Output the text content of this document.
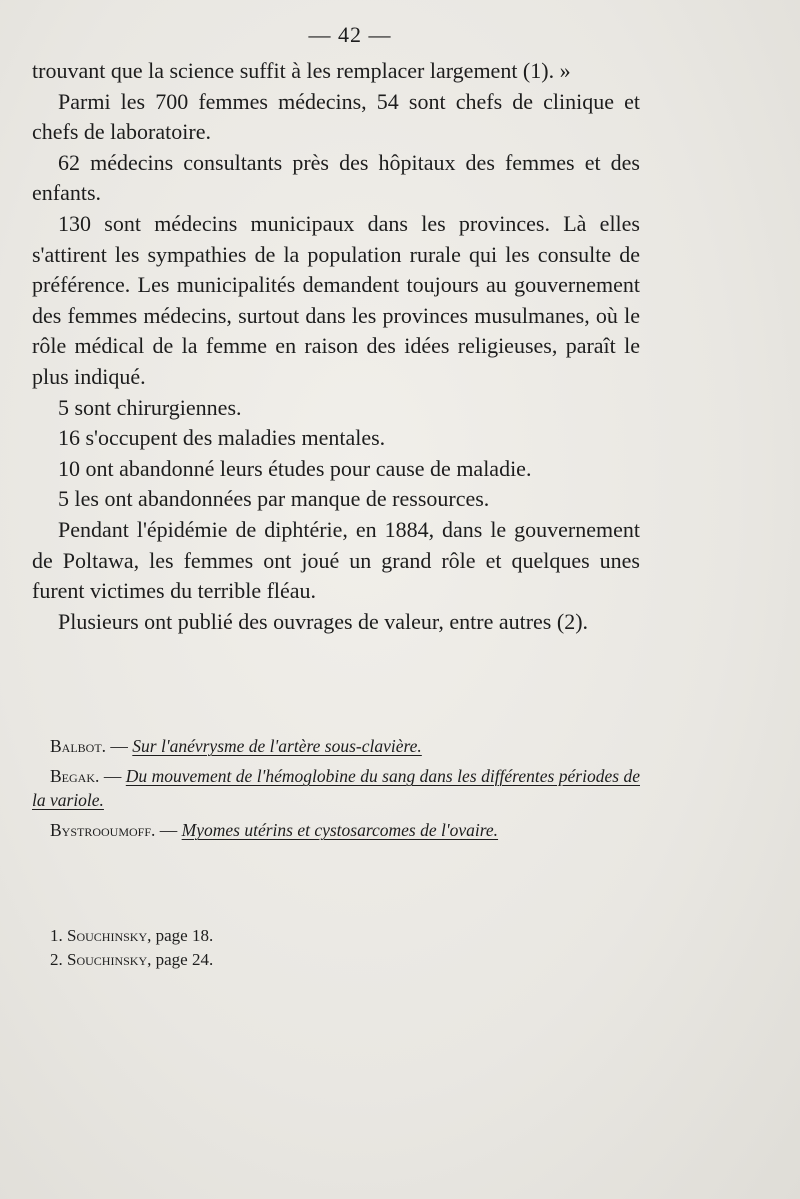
— 42 —

trouvant que la science suffit à les remplacer largement (1). »

Parmi les 700 femmes médecins, 54 sont chefs de clinique et chefs de laboratoire.

62 médecins consultants près des hôpitaux des femmes et des enfants.

130 sont médecins municipaux dans les provinces. Là elles s'attirent les sympathies de la population rurale qui les consulte de préférence. Les municipalités demandent toujours au gouvernement des femmes médecins, surtout dans les provinces musulmanes, où le rôle médical de la femme en raison des idées religieuses, paraît le plus indiqué.

5 sont chirurgiennes.

16 s'occupent des maladies mentales.

10 ont abandonné leurs études pour cause de maladie.

5 les ont abandonnées par manque de ressources.

Pendant l'épidémie de diphtérie, en 1884, dans le gouvernement de Poltawa, les femmes ont joué un grand rôle et quelques unes furent victimes du terrible fléau.

Plusieurs ont publié des ouvrages de valeur, entre autres (2).

Balbot. — Sur l'anévrysme de l'artère sous-clavière.

Begak. — Du mouvement de l'hémoglobine du sang dans les différentes périodes de la variole.

Bystrooumoff. — Myomes utérins et cystosarcomes de l'ovaire.

1. Souchinsky, page 18.

2. Souchinsky, page 24.
